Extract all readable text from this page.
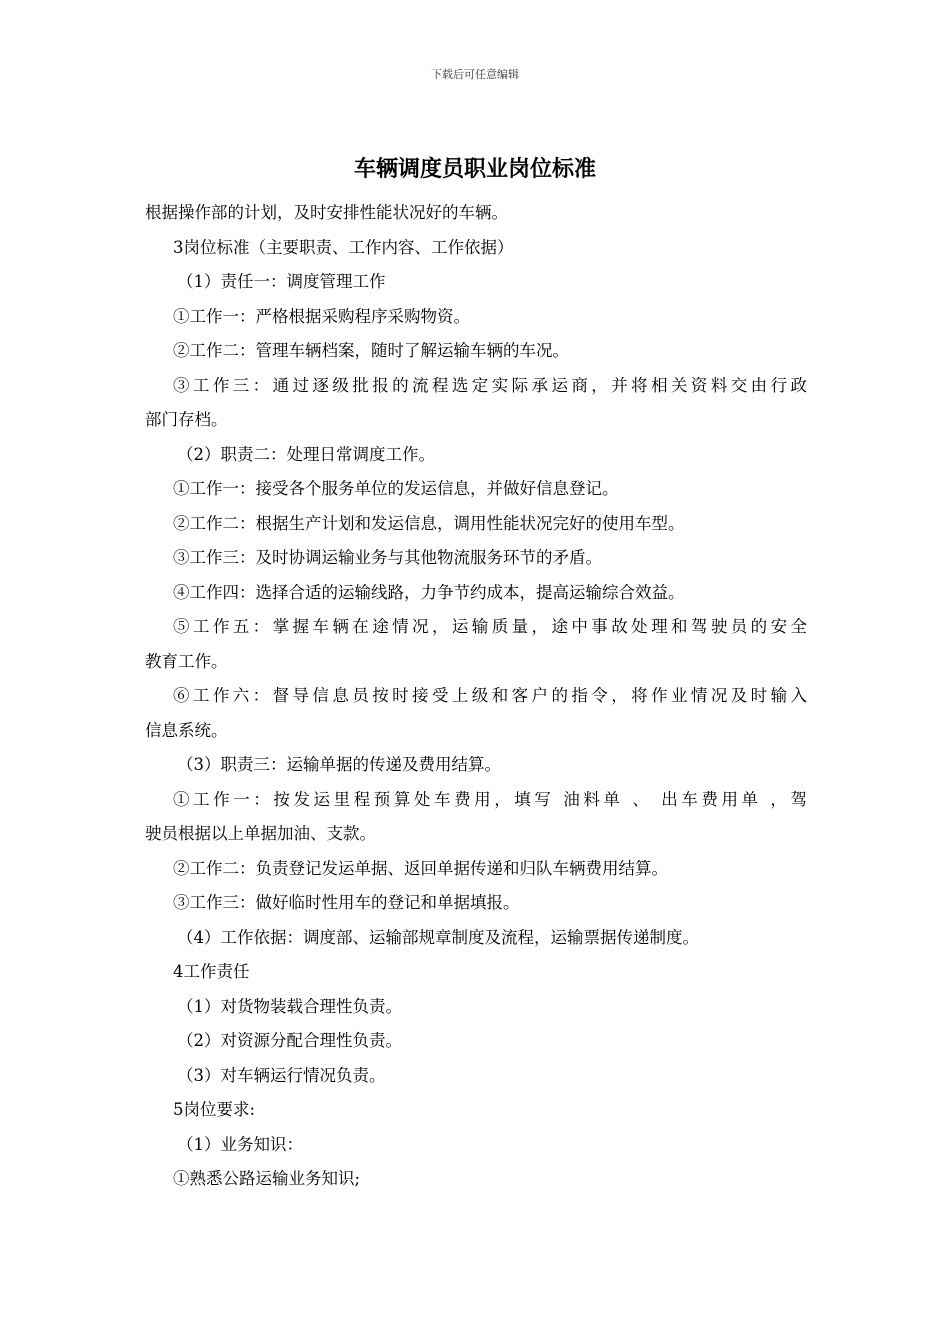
下载后可任意编辑
车辆调度员职业岗位标准
根据操作部的计划，及时安排性能状况好的车辆。
3岗位标准（主要职责、工作内容、工作依据）
（1）责任一：调度管理工作
①工作一：严格根据采购程序采购物资。
②工作二：管理车辆档案，随时了解运输车辆的车况。
③工作三：通过逐级批报的流程选定实际承运商，并将相关资料交由行政
部门存档。
（2）职责二：处理日常调度工作。
①工作一：接受各个服务单位的发运信息，并做好信息登记。
②工作二：根据生产计划和发运信息，调用性能状况完好的使用车型。
③工作三：及时协调运输业务与其他物流服务环节的矛盾。
④工作四：选择合适的运输线路，力争节约成本，提高运输综合效益。
⑤工作五：掌握车辆在途情况，运输质量，途中事故处理和驾驶员的安全
教育工作。
⑥工作六：督导信息员按时接受上级和客户的指令，将作业情况及时输入
信息系统。
（3）职责三：运输单据的传递及费用结算。
①工作一：按发运里程预算处车费用，填写 油料单 、 出车费用单 ，驾
驶员根据以上单据加油、支款。
②工作二：负责登记发运单据、返回单据传递和归队车辆费用结算。
③工作三：做好临时性用车的登记和单据填报。
（4）工作依据：调度部、运输部规章制度及流程，运输票据传递制度。
4工作责任
（1）对货物装载合理性负责。
（2）对资源分配合理性负责。
（3）对车辆运行情况负责。
5岗位要求:
（1）业务知识：
①熟悉公路运输业务知识;
